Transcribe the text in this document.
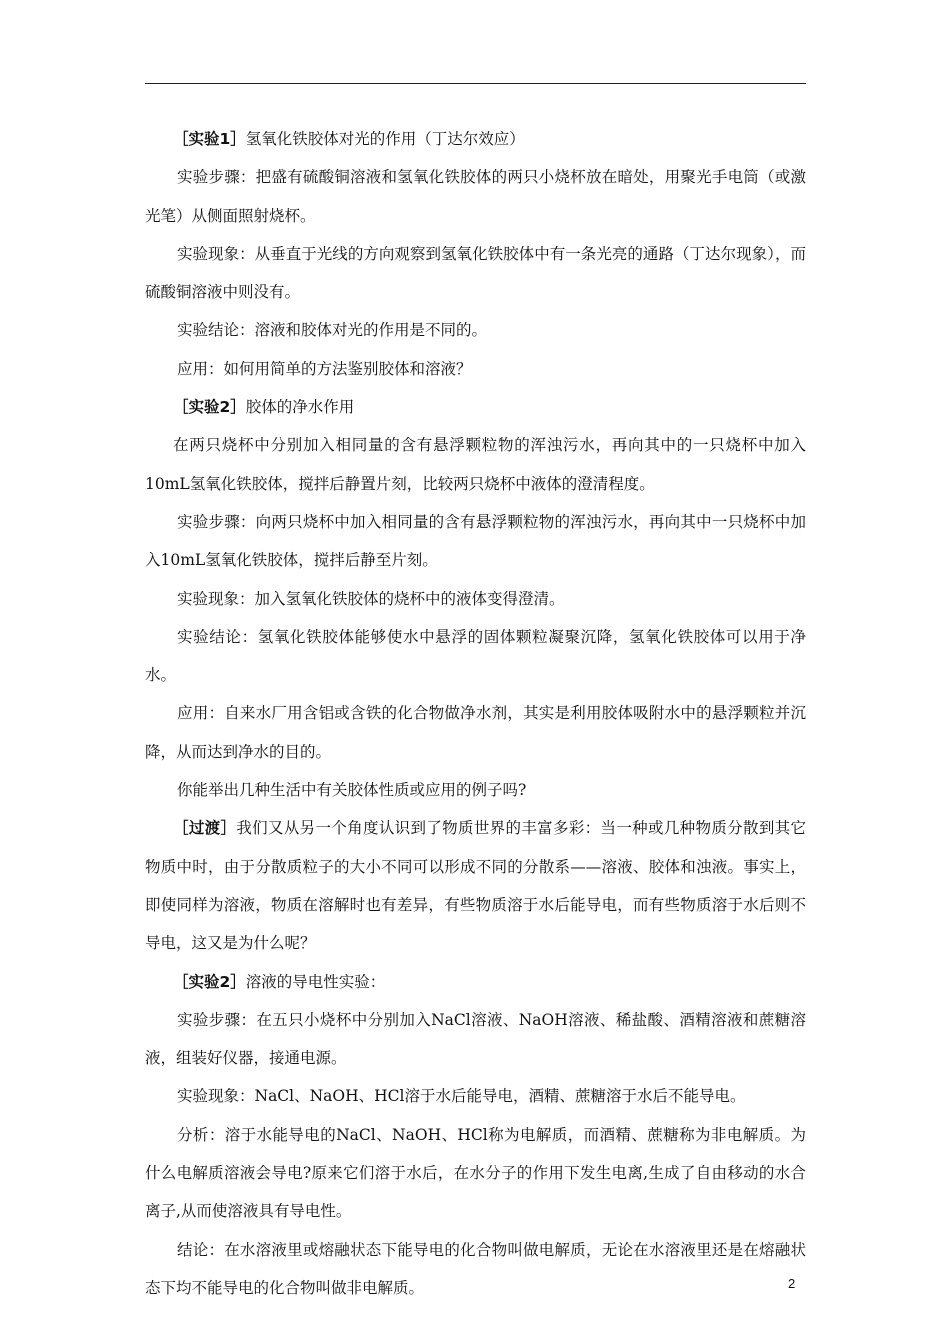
［实验1］氢氧化铁胶体对光的作用（丁达尔效应）

实验步骤：把盛有硫酸铜溶液和氢氧化铁胶体的两只小烧杯放在暗处，用聚光手电筒（或激光笔）从侧面照射烧杯。

实验现象：从垂直于光线的方向观察到氢氧化铁胶体中有一条光亮的通路（丁达尔现象），而硫酸铜溶液中则没有。

实验结论：溶液和胶体对光的作用是不同的。

应用：如何用简单的方法鉴别胶体和溶液？

［实验2］胶体的净水作用

在两只烧杯中分别加入相同量的含有悬浮颗粒物的浑浊污水，再向其中的一只烧杯中加入10mL氢氧化铁胶体，搅拌后静置片刻，比较两只烧杯中液体的澄清程度。

实验步骤：向两只烧杯中加入相同量的含有悬浮颗粒物的浑浊污水，再向其中一只烧杯中加入10mL氢氧化铁胶体，搅拌后静至片刻。

实验现象：加入氢氧化铁胶体的烧杯中的液体变得澄清。

实验结论：氢氧化铁胶体能够使水中悬浮的固体颗粒凝聚沉降，氢氧化铁胶体可以用于净水。

应用：自来水厂用含铝或含铁的化合物做净水剂，其实是利用胶体吸附水中的悬浮颗粒并沉降，从而达到净水的目的。

你能举出几种生活中有关胶体性质或应用的例子吗?

［过渡］我们又从另一个角度认识到了物质世界的丰富多彩：当一种或几种物质分散到其它物质中时，由于分散质粒子的大小不同可以形成不同的分散系——溶液、胶体和浊液。事实上，即使同样为溶液，物质在溶解时也有差异，有些物质溶于水后能导电，而有些物质溶于水后则不导电，这又是为什么呢？

［实验2］溶液的导电性实验：

实验步骤：在五只小烧杯中分别加入NaCl溶液、NaOH溶液、稀盐酸、酒精溶液和蔗糖溶液，组装好仪器，接通电源。

实验现象：NaCl、NaOH、HCl溶于水后能导电，酒精、蔗糖溶于水后不能导电。

分析：溶于水能导电的NaCl、NaOH、HCl称为电解质，而酒精、蔗糖称为非电解质。为什么电解质溶液会导电?原来它们溶于水后，在水分子的作用下发生电离,生成了自由移动的水合离子,从而使溶液具有导电性。

结论：在水溶液里或熔融状态下能导电的化合物叫做电解质，无论在水溶液里还是在熔融状态下均不能导电的化合物叫做非电解质。	2
